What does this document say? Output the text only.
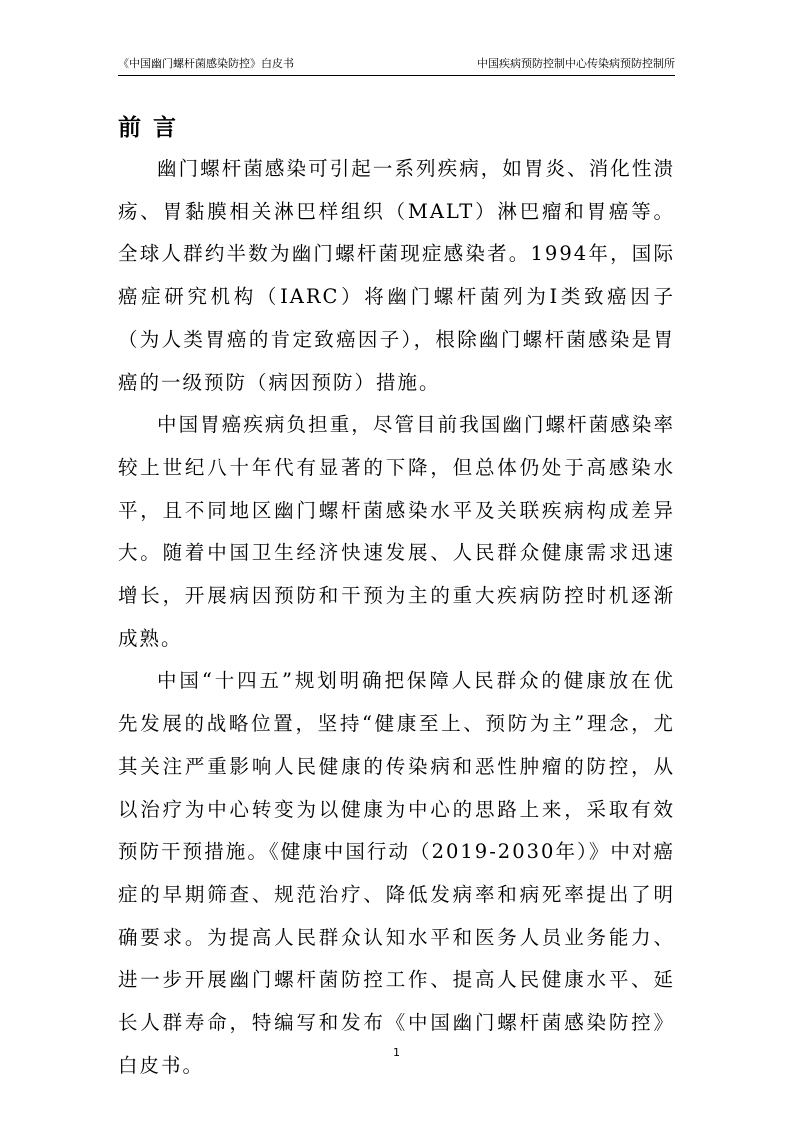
《中国幽门螺杆菌感染防控》白皮书	中国疾病预防控制中心传染病预防控制所
前言

幽门螺杆菌感染可引起一系列疾病，如胃炎、消化性溃疡、胃黏膜相关淋巴样组织（MALT）淋巴瘤和胃癌等。全球人群约半数为幽门螺杆菌现症感染者。1994年，国际癌症研究机构（IARC）将幽门螺杆菌列为I类致癌因子（为人类胃癌的肯定致癌因子），根除幽门螺杆菌感染是胃癌的一级预防（病因预防）措施。

中国胃癌疾病负担重，尽管目前我国幽门螺杆菌感染率较上世纪八十年代有显著的下降，但总体仍处于高感染水平，且不同地区幽门螺杆菌感染水平及关联疾病构成差异大。随着中国卫生经济快速发展、人民群众健康需求迅速增长，开展病因预防和干预为主的重大疾病防控时机逐渐成熟。

中国“十四五”规划明确把保障人民群众的健康放在优先发展的战略位置，坚持“健康至上、预防为主”理念，尤其关注严重影响人民健康的传染病和恶性肿瘤的防控，从以治疗为中心转变为以健康为中心的思路上来，采取有效预防干预措施。《健康中国行动（2019-2030年）》中对癌症的早期筛查、规范治疗、降低发病率和病死率提出了明确要求。为提高人民群众认知水平和医务人员业务能力、进一步开展幽门螺杆菌防控工作、提高人民健康水平、延长人群寿命，特编写和发布《中国幽门螺杆菌感染防控》白皮书。

1
